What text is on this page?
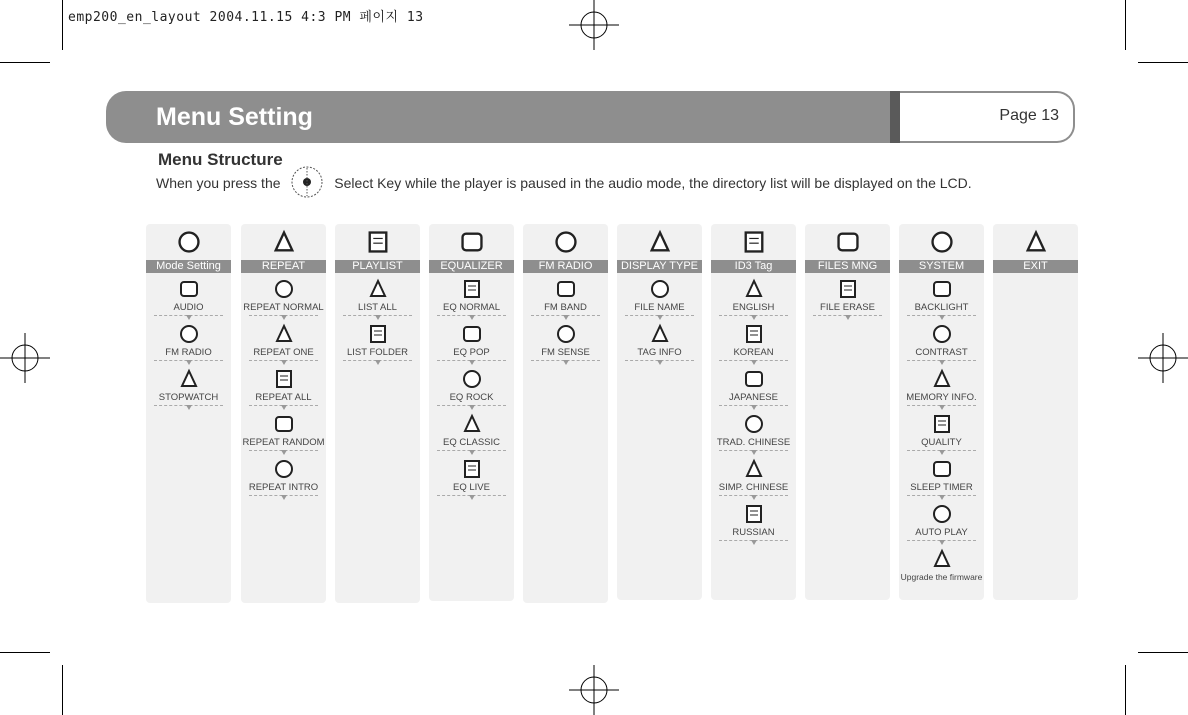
emp200_en_layout 2004.11.15 4:3 PM 페이지 13
Menu Setting	Page 13
Menu Structure
When you press the	Select Key while the player is paused in the audio mode, the directory list will be displayed on the LCD.
Mode Setting
AUDIO
FM RADIO
STOPWATCH
REPEAT
REPEAT NORMAL
REPEAT ONE
REPEAT ALL
REPEAT RANDOM
REPEAT INTRO
PLAYLIST
LIST ALL
LIST FOLDER
EQUALIZER
EQ NORMAL
EQ POP
EQ ROCK
EQ CLASSIC
EQ LIVE
FM RADIO
FM BAND
FM SENSE
DISPLAY TYPE
FILE NAME
TAG INFO
ID3 Tag
ENGLISH
KOREAN
JAPANESE
TRAD. CHINESE
SIMP. CHINESE
RUSSIAN
FILES MNG
FILE ERASE
SYSTEM
BACKLIGHT
CONTRAST
MEMORY INFO.
QUALITY
SLEEP TIMER
AUTO PLAY
Upgrade the firmware
EXIT
